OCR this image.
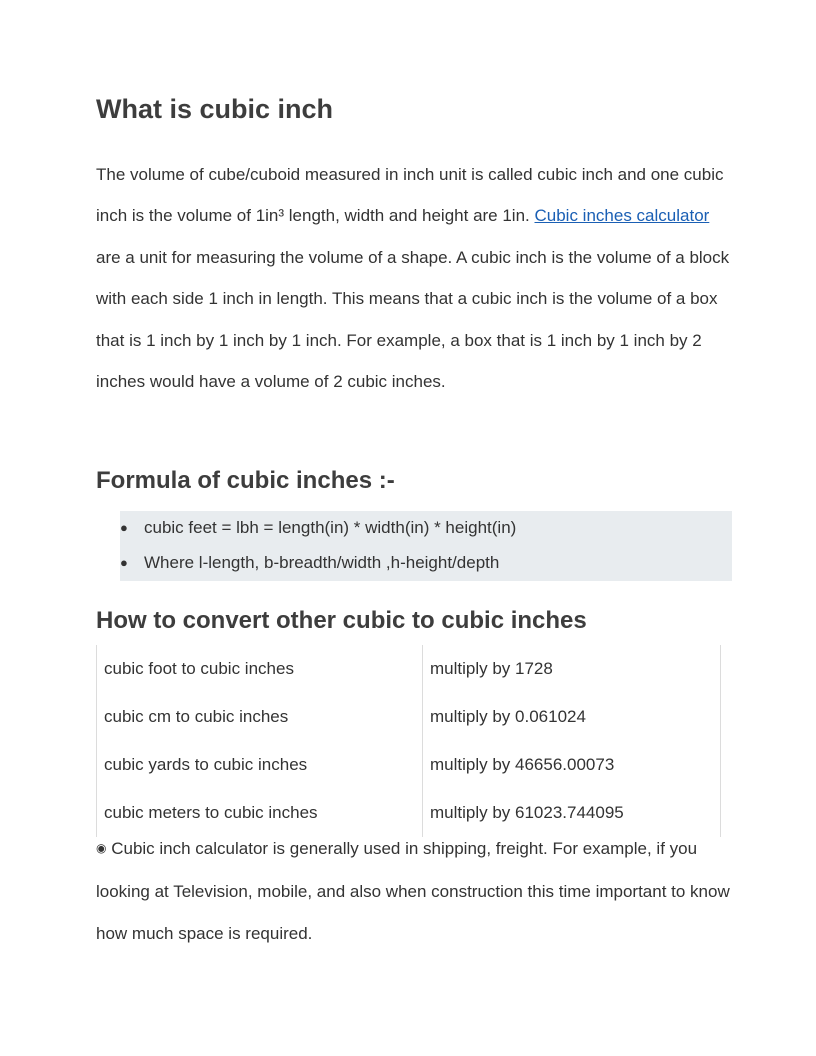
What is cubic inch

The volume of cube/cuboid measured in inch unit is called cubic inch and one cubic inch is the volume of 1in³ length, width and height are 1in. Cubic inches calculator are a unit for measuring the volume of a shape. A cubic inch is the volume of a block with each side 1 inch in length. This means that a cubic inch is the volume of a box that is 1 inch by 1 inch by 1 inch. For example, a box that is 1 inch by 1 inch by 2 inches would have a volume of 2 cubic inches.

Formula of cubic inches :-
● cubic feet = lbh = length(in) * width(in) * height(in)
● Where l-length, b-breadth/width ,h-height/depth
How to convert other cubic to cubic inches
cubic foot to cubic inches	multiply by 1728
cubic cm to cubic inches	multiply by 0.061024
cubic yards to cubic inches	multiply by 46656.00073
cubic meters to cubic inches	multiply by 61023.744095

◉ Cubic inch calculator is generally used in shipping, freight. For example, if you looking at Television, mobile, and also when construction this time important to know how much space is required.
